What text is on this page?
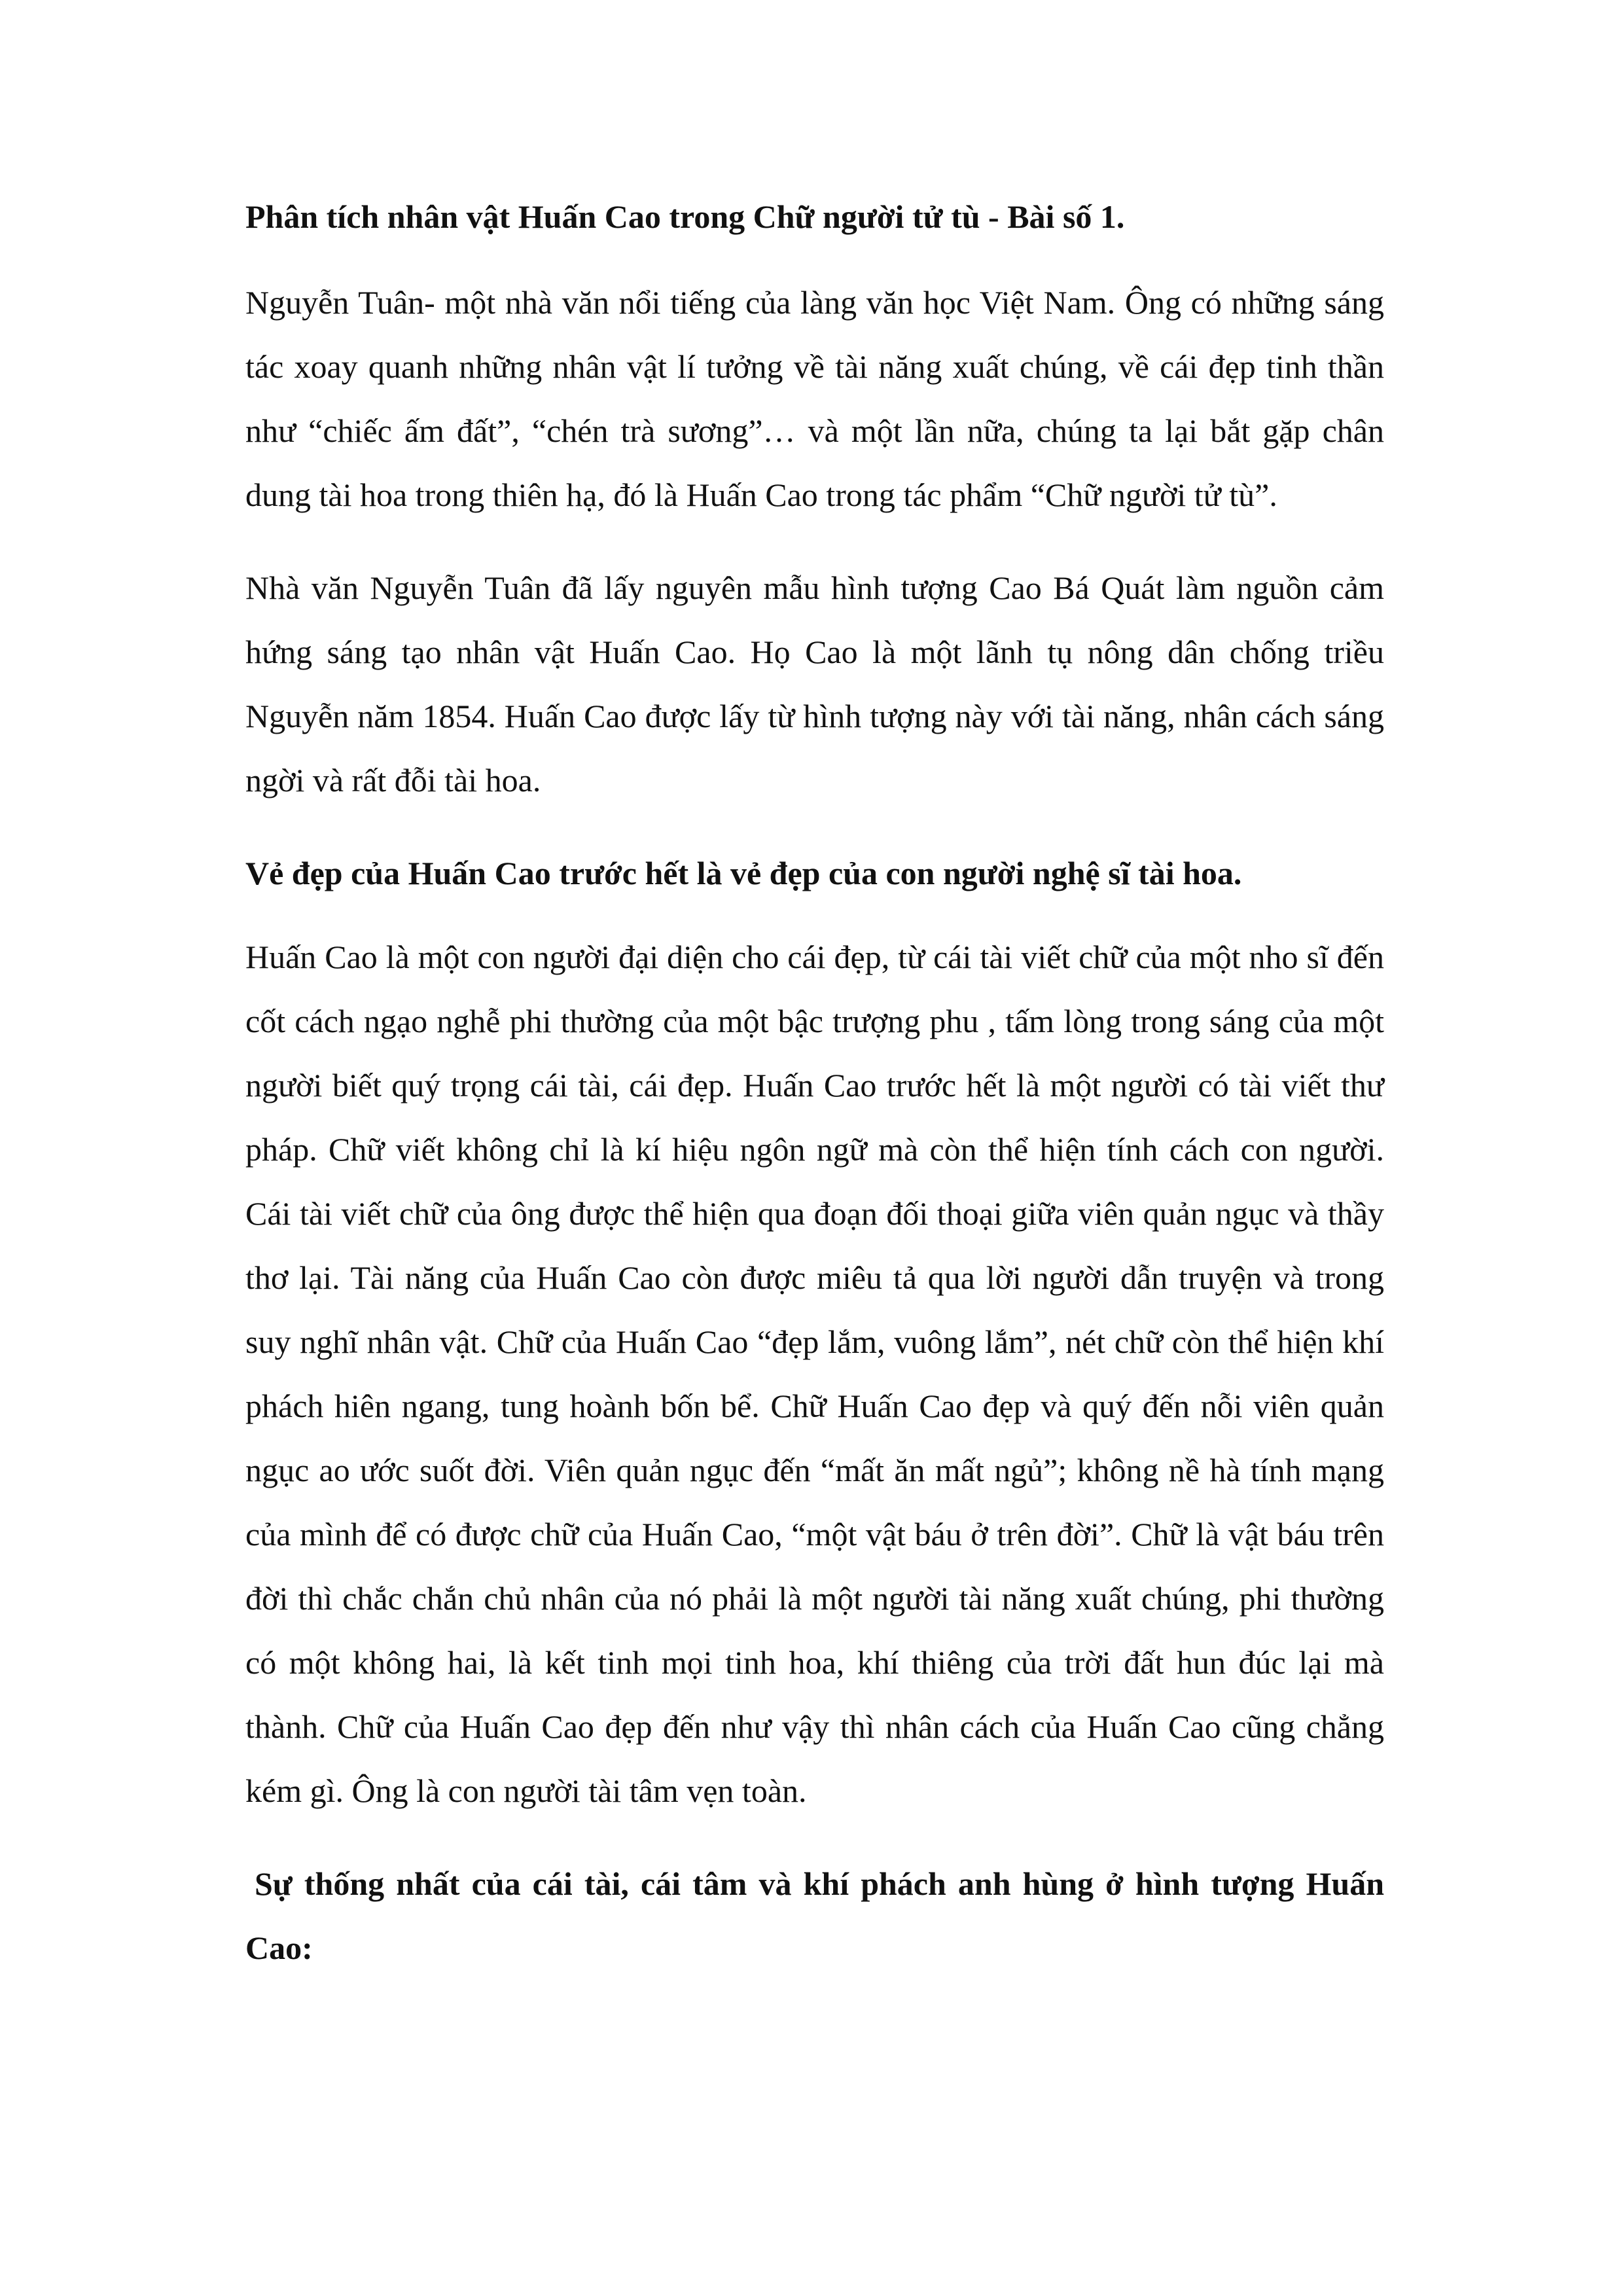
Phân tích nhân vật Huấn Cao trong Chữ người tử tù - Bài số 1.

Nguyễn Tuân- một nhà văn nổi tiếng của làng văn học Việt Nam. Ông có những sáng tác xoay quanh những nhân vật lí tưởng về tài năng xuất chúng, về cái đẹp tinh thần như “chiếc ấm đất”, “chén trà sương”… và một lần nữa, chúng ta lại bắt gặp chân dung tài hoa trong thiên hạ, đó là Huấn Cao trong tác phẩm “Chữ người tử tù”.

Nhà văn Nguyễn Tuân đã lấy nguyên mẫu hình tượng Cao Bá Quát làm nguồn cảm hứng sáng tạo nhân vật Huấn Cao. Họ Cao là một lãnh tụ nông dân chống triều Nguyễn năm 1854. Huấn Cao được lấy từ hình tượng này với tài năng, nhân cách sáng ngời và rất đỗi tài hoa.

Vẻ đẹp của Huấn Cao trước hết là vẻ đẹp của con người nghệ sĩ tài hoa.

Huấn Cao là một con người đại diện cho cái đẹp, từ cái tài viết chữ của một nho sĩ đến cốt cách ngạo nghễ phi thường của một bậc trượng phu , tấm lòng trong sáng của một người biết quý trọng cái tài, cái đẹp. Huấn Cao trước hết là một người có tài viết thư pháp. Chữ viết không chỉ là kí hiệu ngôn ngữ mà còn thể hiện tính cách con người. Cái tài viết chữ của ông được thể hiện qua đoạn đối thoại giữa viên quản ngục và thầy thơ lại. Tài năng của Huấn Cao còn được miêu tả qua lời người dẫn truyện và trong suy nghĩ nhân vật. Chữ của Huấn Cao “đẹp lắm, vuông lắm”, nét chữ còn thể hiện khí phách hiên ngang, tung hoành bốn bể. Chữ Huấn Cao đẹp và quý đến nỗi viên quản ngục ao ước suốt đời. Viên quản ngục đến “mất ăn mất ngủ”; không nề hà tính mạng của mình để có được chữ của Huấn Cao, “một vật báu ở trên đời”. Chữ là vật báu trên đời thì chắc chắn chủ nhân của nó phải là một người tài năng xuất chúng, phi thường có một không hai, là kết tinh mọi tinh hoa, khí thiêng của trời đất hun đúc lại mà thành. Chữ của Huấn Cao đẹp đến như vậy thì nhân cách của Huấn Cao cũng chẳng kém gì. Ông là con người tài tâm vẹn toàn.

Sự thống nhất của cái tài, cái tâm và khí phách anh hùng ở hình tượng Huấn Cao:
